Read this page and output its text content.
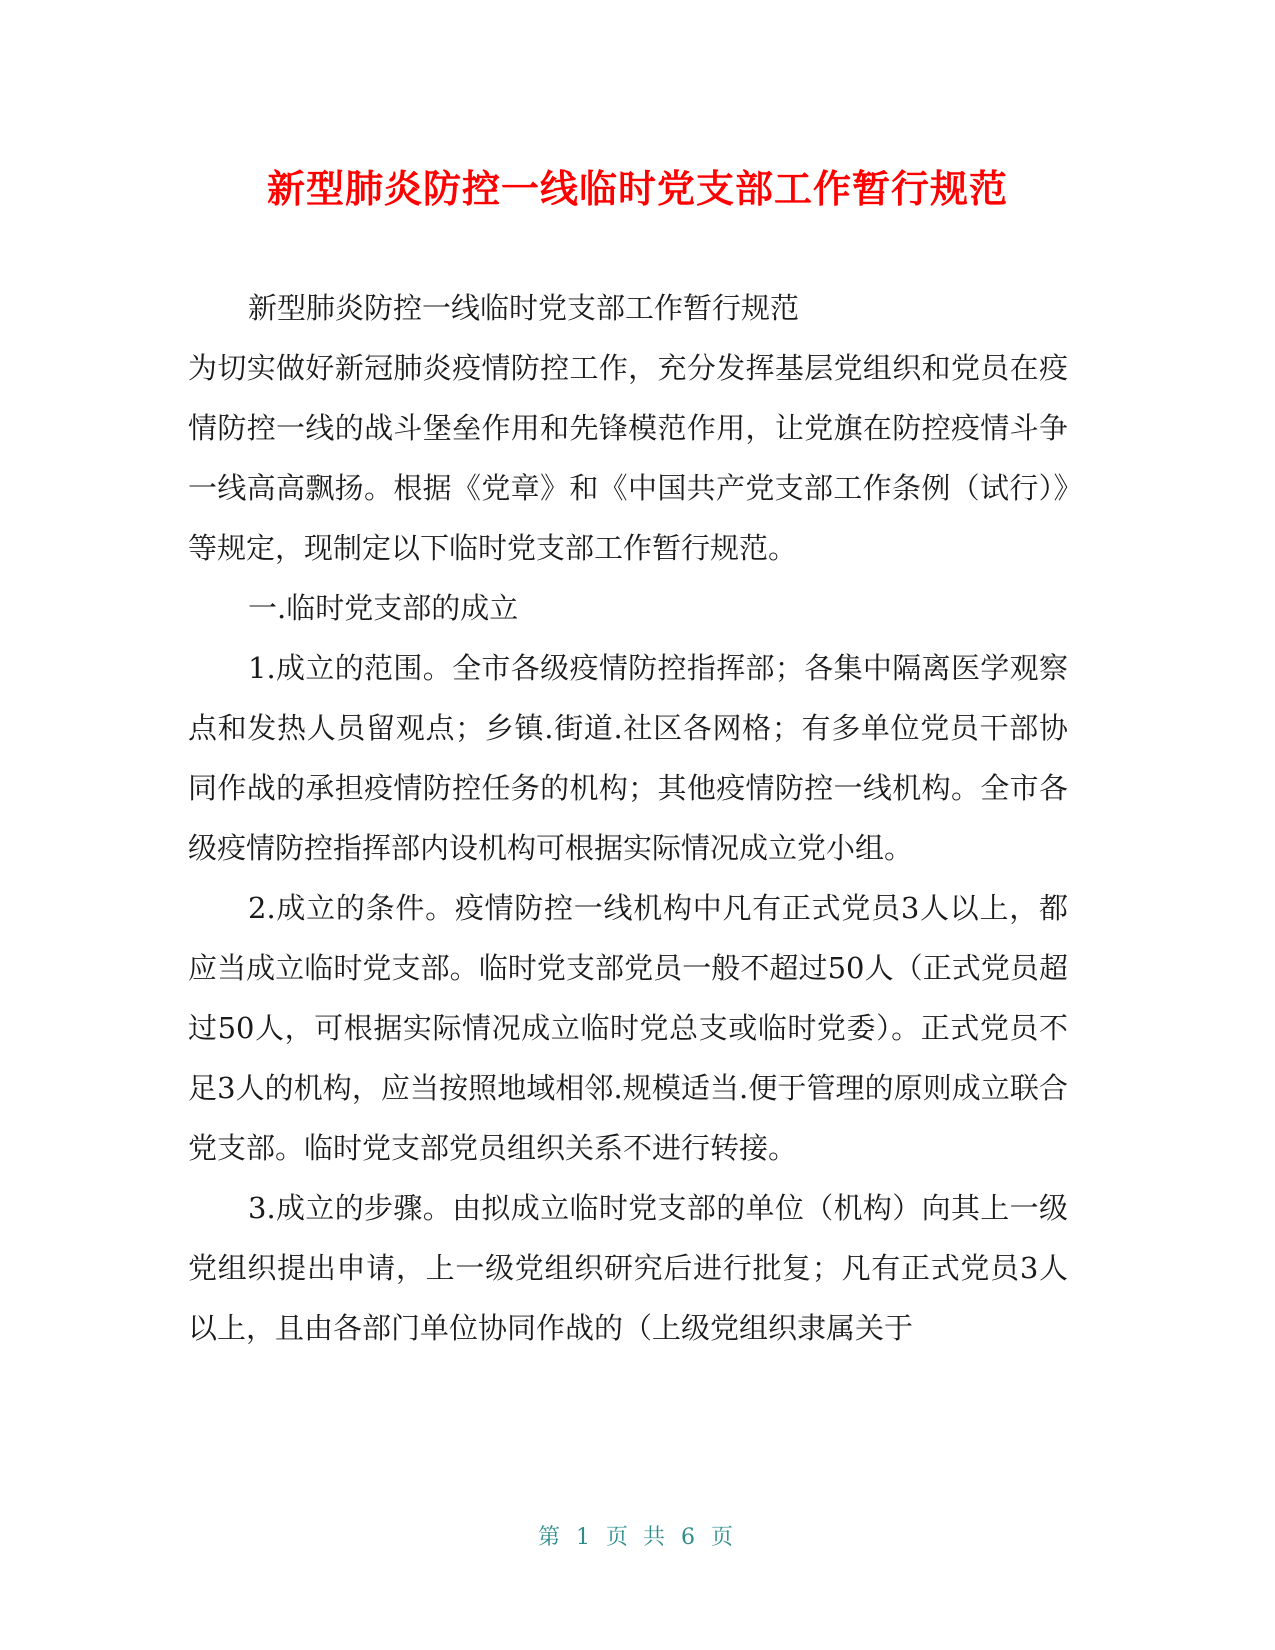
新型肺炎防控一线临时党支部工作暂行规范

新型肺炎防控一线临时党支部工作暂行规范

为切实做好新冠肺炎疫情防控工作，充分发挥基层党组织和党员在疫情防控一线的战斗堡垒作用和先锋模范作用，让党旗在防控疫情斗争一线高高飘扬。根据《党章》和《中国共产党支部工作条例（试行）》等规定，现制定以下临时党支部工作暂行规范。

一.临时党支部的成立

1.成立的范围。全市各级疫情防控指挥部；各集中隔离医学观察点和发热人员留观点；乡镇.街道.社区各网格；有多单位党员干部协同作战的承担疫情防控任务的机构；其他疫情防控一线机构。全市各级疫情防控指挥部内设机构可根据实际情况成立党小组。

2.成立的条件。疫情防控一线机构中凡有正式党员3人以上，都应当成立临时党支部。临时党支部党员一般不超过50人（正式党员超过50人，可根据实际情况成立临时党总支或临时党委）。正式党员不足3人的机构，应当按照地域相邻.规模适当.便于管理的原则成立联合党支部。临时党支部党员组织关系不进行转接。

3.成立的步骤。由拟成立临时党支部的单位（机构）向其上一级党组织提出申请，上一级党组织研究后进行批复；凡有正式党员3人以上，且由各部门单位协同作战的（上级党组织隶属关于

第 1 页 共 6 页
